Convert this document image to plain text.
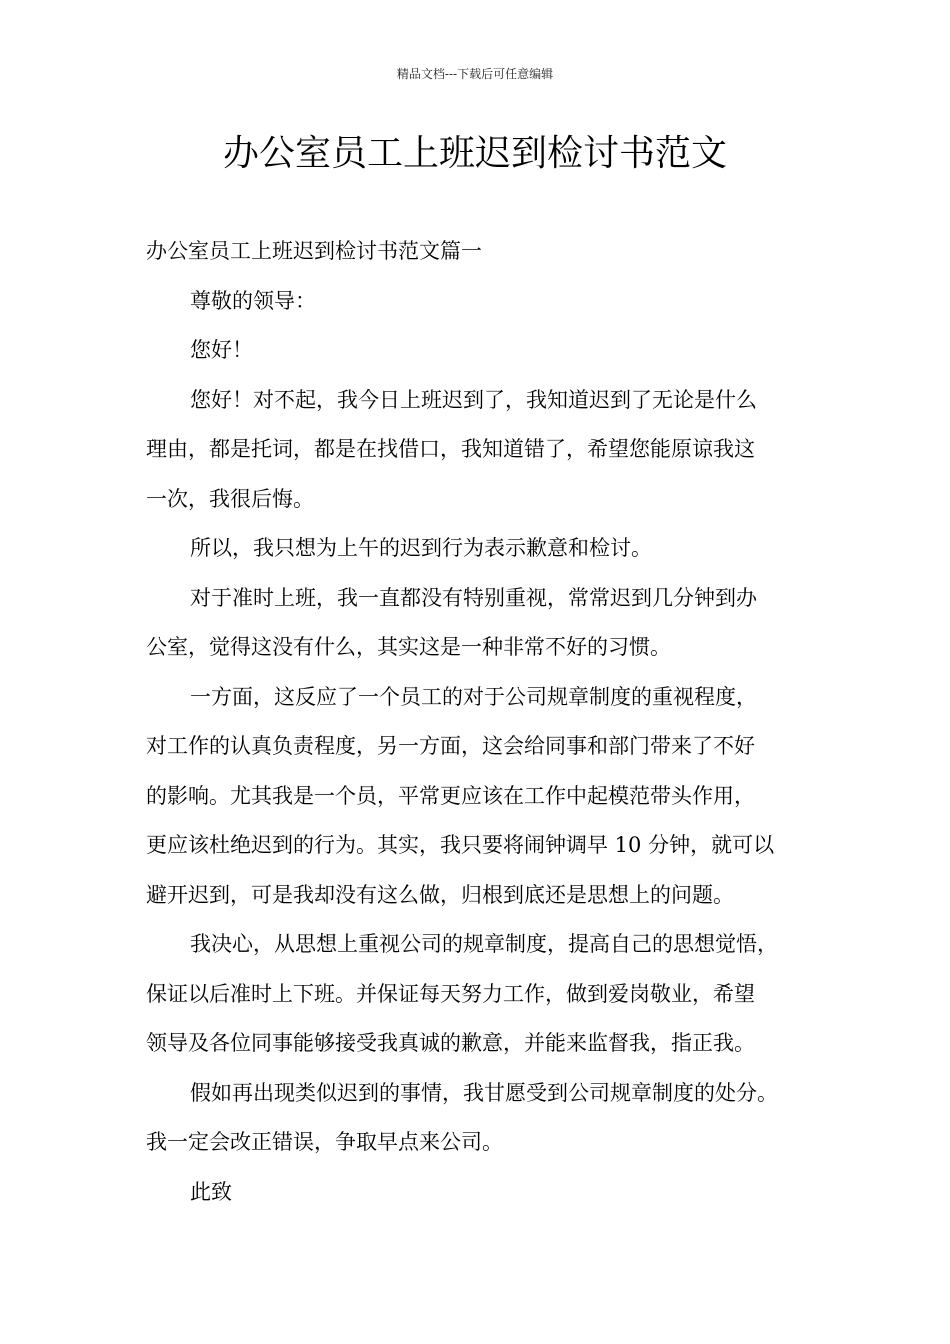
精品文档---下载后可任意编辑
办公室员工上班迟到检讨书范文

办公室员工上班迟到检讨书范文篇一

尊敬的领导：

您好！

您好！对不起，我今日上班迟到了，我知道迟到了无论是什么

理由，都是托词，都是在找借口，我知道错了，希望您能原谅我这

一次，我很后悔。

所以，我只想为上午的迟到行为表示歉意和检讨。

对于准时上班，我一直都没有特别重视，常常迟到几分钟到办

公室，觉得这没有什么，其实这是一种非常不好的习惯。

一方面，这反应了一个员工的对于公司规章制度的重视程度，

对工作的认真负责程度，另一方面，这会给同事和部门带来了不好

的影响。尤其我是一个员，平常更应该在工作中起模范带头作用，

更应该杜绝迟到的行为。其实，我只要将闹钟调早 10 分钟，就可以

避开迟到，可是我却没有这么做，归根到底还是思想上的问题。

我决心，从思想上重视公司的规章制度，提高自己的思想觉悟，

保证以后准时上下班。并保证每天努力工作，做到爱岗敬业，希望

领导及各位同事能够接受我真诚的歉意，并能来监督我，指正我。

假如再出现类似迟到的事情，我甘愿受到公司规章制度的处分。

我一定会改正错误，争取早点来公司。

此致
